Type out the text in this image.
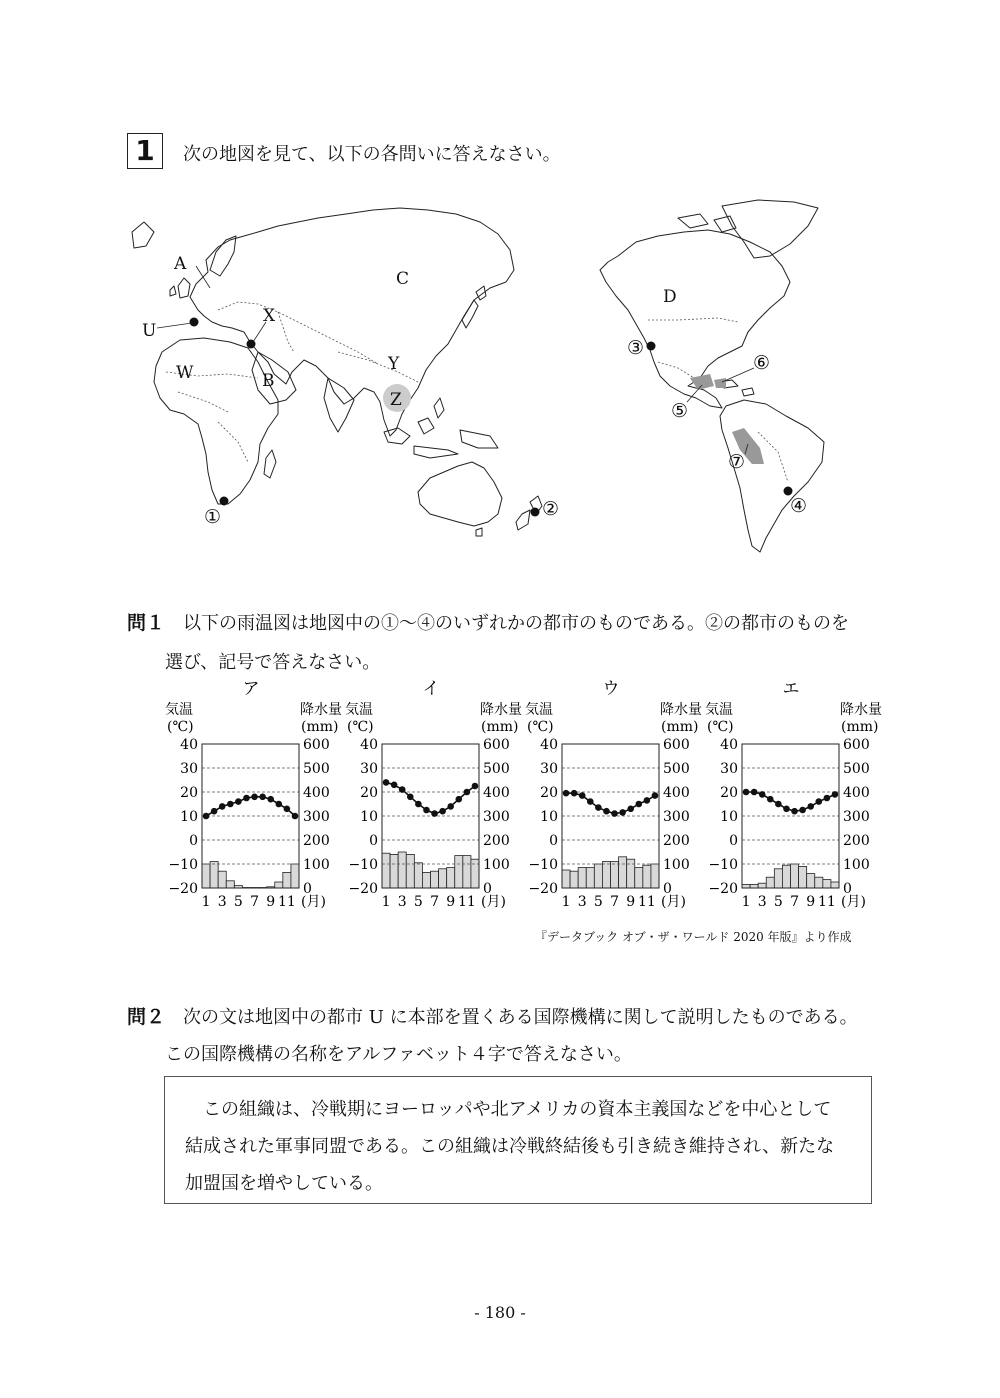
1	次の地図を見て、以下の各問いに答えなさい。
A
B
C
D
U
W
X
Y
Z
①	②
③
④
⑤
⑥
⑦
問１ 以下の雨温図は地図中の①～④のいずれかの都市のものである。②の都市のものを
選び、記号で答えなさい。
ア
気温
(℃)
降水量
(mm)
40
30
20
10
0
−10
−20
600
500
400
300
200
100
0
1 3 5 7 9 11 (月)
イ
気温
(℃)
降水量
(mm)
40
30
20
10
0
−10
−20
600
500
400
300
200
100
0
1 3 5 7 9 11 (月)
ウ
気温
(℃)
降水量
(mm)
40
30
20
10
0
−10
−20
600
500
400
300
200
100
0
1 3 5 7 9 11 (月)
エ
気温
(℃)
降水量
(mm)
40
30
20
10
0
−10
−20
600
500
400
300
200
100
0
1 3 5 7 9 11 (月)
『データブック オブ・ザ・ワールド 2020 年版』より作成
問２ 次の文は地図中の都市 U に本部を置くある国際機構に関して説明したものである。
この国際機構の名称をアルファベット４字で答えなさい。
この組織は、冷戦期にヨーロッパや北アメリカの資本主義国などを中心として
結成された軍事同盟である。この組織は冷戦終結後も引き続き維持され、新たな
加盟国を増やしている。
- 180 -
